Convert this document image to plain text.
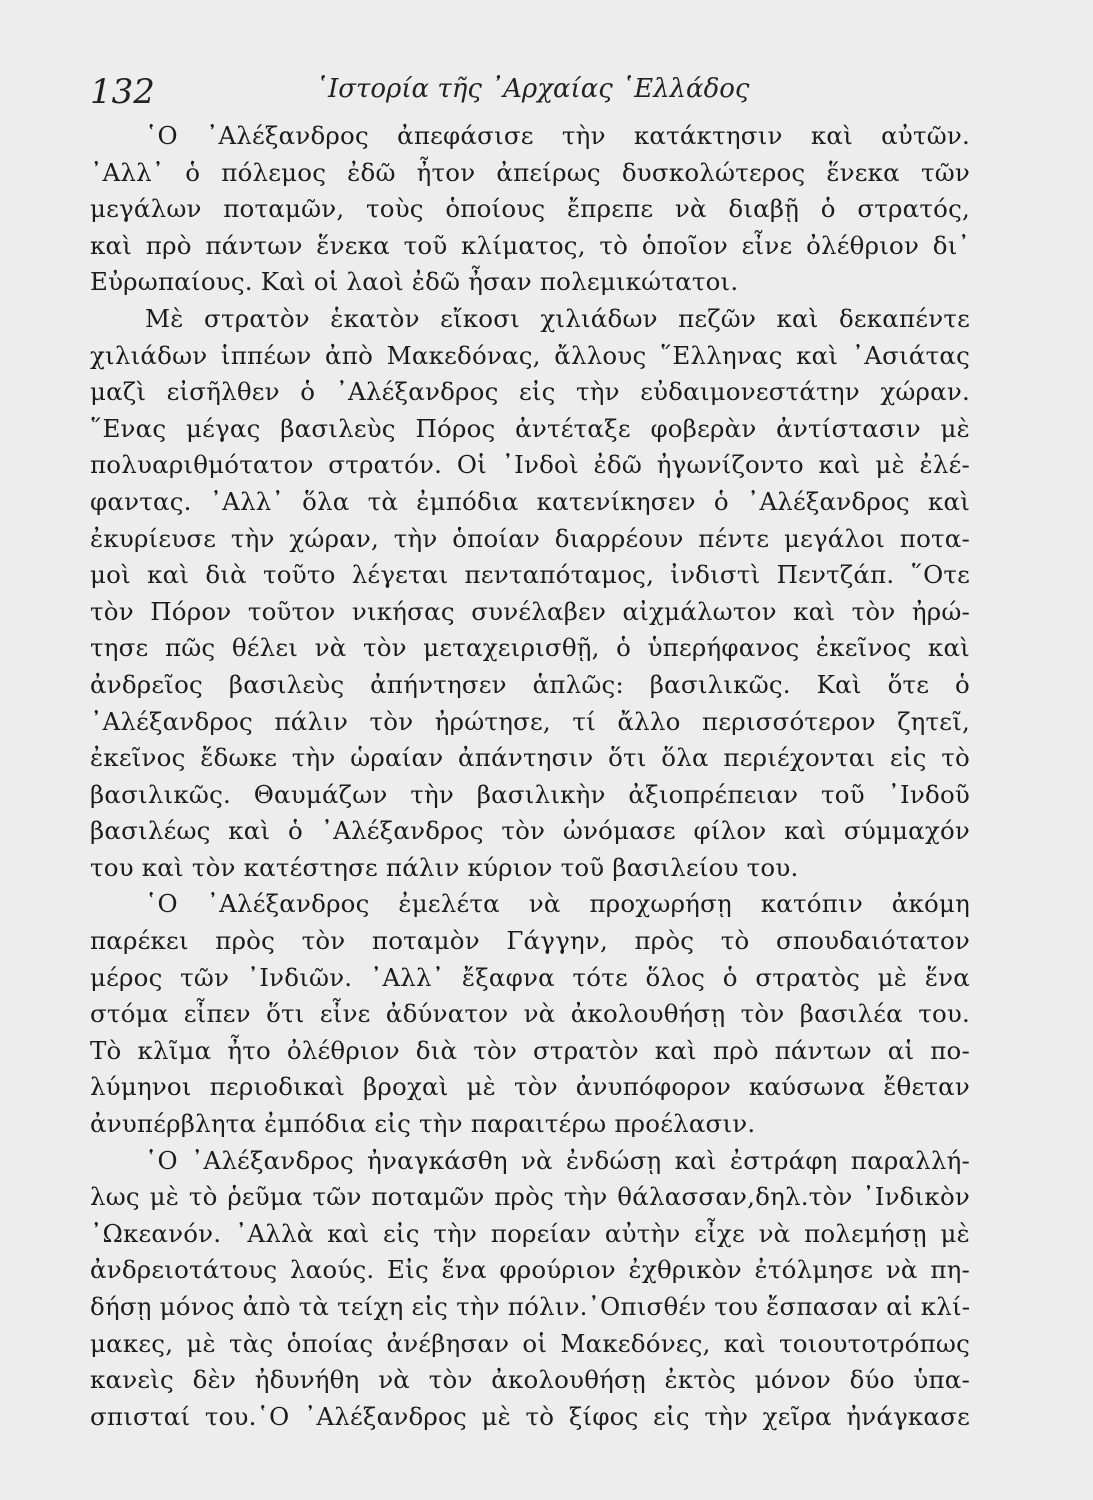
132	῾Ιστορία τῆς ᾿Αρχαίας ῾Ελλάδος
῾Ο ᾿Αλέξανδρος ἀπεφάσισε τὴν κατάκτησιν καὶ αὐτῶν.
᾿Αλλ᾿ ὁ πόλεμος ἐδῶ ἦτον ἀπείρως δυσκολώτερος ἕνεκα τῶν
μεγάλων ποταμῶν, τοὺς ὁποίους ἔπρεπε νὰ διαβῇ ὁ στρατός,
καὶ πρὸ πάντων ἕνεκα τοῦ κλίματος, τὸ ὁποῖον εἶνε ὀλέθριον δι᾿
Εὐρωπαίους. Καὶ οἱ λαοὶ ἐδῶ ἦσαν πολεμικώτατοι.
Μὲ στρατὸν ἑκατὸν εἴκοσι χιλιάδων πεζῶν καὶ δεκαπέντε
χιλιάδων ἱππέων ἀπὸ Μακεδόνας, ἄλλους ῞Ελληνας καὶ ᾿Ασιάτας
μαζὶ εἰσῆλθεν ὁ ᾿Αλέξανδρος εἰς τὴν εὐδαιμονεστάτην χώραν.
῞Ενας μέγας βασιλεὺς Πόρος ἀντέταξε φοβερὰν ἀντίστασιν μὲ
πολυαριθμότατον στρατόν. Οἱ ᾿Ινδοὶ ἐδῶ ἠγωνίζοντο καὶ μὲ ἐλέ-
φαντας. ᾿Αλλ᾿ ὅλα τὰ ἐμπόδια κατενίκησεν ὁ ᾿Αλέξανδρος καὶ
ἐκυρίευσε τὴν χώραν, τὴν ὁποίαν διαρρέουν πέντε μεγάλοι ποτα-
μοὶ καὶ διὰ τοῦτο λέγεται πενταπόταμος, ἰνδιστὶ Πεντζάπ. ῞Οτε
τὸν Πόρον τοῦτον νικήσας συνέλαβεν αἰχμάλωτον καὶ τὸν ἠρώ-
τησε πῶς θέλει νὰ τὸν μεταχειρισθῇ, ὁ ὑπερήφανος ἐκεῖνος καὶ
ἀνδρεῖος βασιλεὺς ἀπήντησεν ἁπλῶς: βασιλικῶς. Καὶ ὅτε ὁ
᾿Αλέξανδρος πάλιν τὸν ἠρώτησε, τί ἄλλο περισσότερον ζητεῖ,
ἐκεῖνος ἔδωκε τὴν ὡραίαν ἀπάντησιν ὅτι ὅλα περιέχονται εἰς τὸ
βασιλικῶς. Θαυμάζων τὴν βασιλικὴν ἀξιοπρέπειαν τοῦ ᾿Ινδοῦ
βασιλέως καὶ ὁ ᾿Αλέξανδρος τὸν ὠνόμασε φίλον καὶ σύμμαχόν
του καὶ τὸν κατέστησε πάλιν κύριον τοῦ βασιλείου του.
῾Ο ᾿Αλέξανδρος ἐμελέτα νὰ προχωρήσῃ κατόπιν ἀκόμη
παρέκει πρὸς τὸν ποταμὸν Γάγγην, πρὸς τὸ σπουδαιότατον
μέρος τῶν ᾿Ινδιῶν. ᾿Αλλ᾿ ἔξαφνα τότε ὅλος ὁ στρατὸς μὲ ἕνα
στόμα εἶπεν ὅτι εἶνε ἀδύνατον νὰ ἀκολουθήσῃ τὸν βασιλέα του.
Τὸ κλῖμα ἦτο ὀλέθριον διὰ τὸν στρατὸν καὶ πρὸ πάντων αἱ πο-
λύμηνοι περιοδικαὶ βροχαὶ μὲ τὸν ἀνυπόφορον καύσωνα ἔθεταν
ἀνυπέρβλητα ἐμπόδια εἰς τὴν παραιτέρω προέλασιν.
῾Ο ᾿Αλέξανδρος ἠναγκάσθη νὰ ἐνδώσῃ καὶ ἐστράφη παραλλή-
λως μὲ τὸ ῥεῦμα τῶν ποταμῶν πρὸς τὴν θάλασσαν,δηλ.τὸν ᾿Ινδικὸν
᾿Ωκεανόν. ᾿Αλλὰ καὶ εἰς τὴν πορείαν αὐτὴν εἶχε νὰ πολεμήσῃ μὲ
ἀνδρειοτάτους λαούς. Εἰς ἕνα φρούριον ἐχθρικὸν ἐτόλμησε νὰ πη-
δήσῃ μόνος ἀπὸ τὰ τείχη εἰς τὴν πόλιν.᾿Οπισθέν του ἔσπασαν αἱ κλί-
μακες, μὲ τὰς ὁποίας ἀνέβησαν οἱ Μακεδόνες, καὶ τοιουτοτρόπως
κανεὶς δὲν ἠδυνήθη νὰ τὸν ἀκολουθήσῃ ἐκτὸς μόνον δύο ὑπα-
σπισταί του.῾Ο ᾿Αλέξανδρος μὲ τὸ ξίφος εἰς τὴν χεῖρα ἠνάγκασε
